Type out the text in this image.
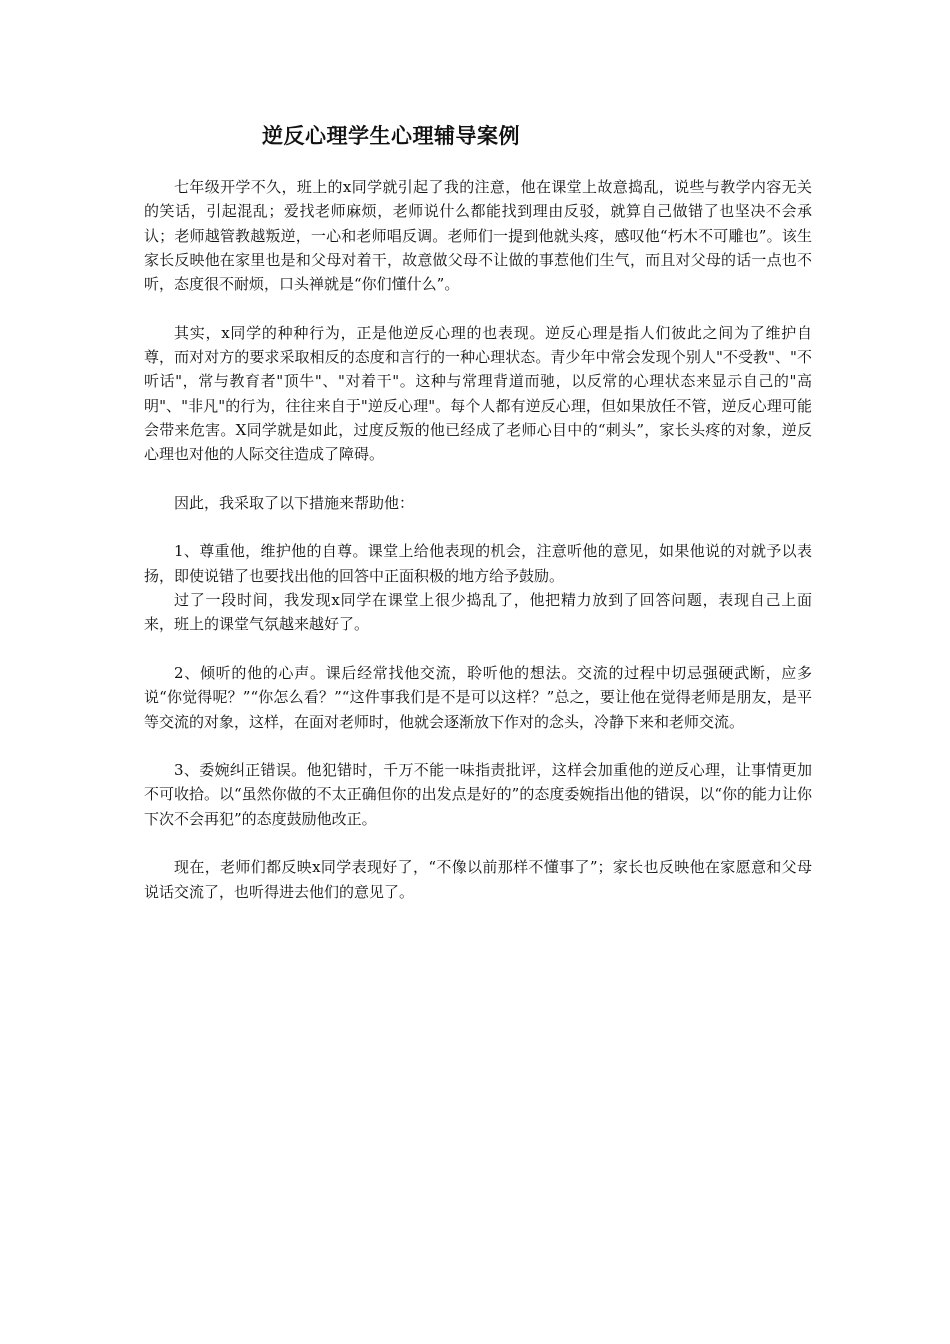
逆反心理学生心理辅导案例

七年级开学不久，班上的x同学就引起了我的注意，他在课堂上故意捣乱，说些与教学内容无关的笑话，引起混乱；爱找老师麻烦，老师说什么都能找到理由反驳，就算自己做错了也坚决不会承认；老师越管教越叛逆，一心和老师唱反调。老师们一提到他就头疼，感叹他“朽木不可雕也”。该生家长反映他在家里也是和父母对着干，故意做父母不让做的事惹他们生气，而且对父母的话一点也不听，态度很不耐烦，口头禅就是“你们懂什么”。

其实，x同学的种种行为，正是他逆反心理的也表现。逆反心理是指人们彼此之间为了维护自尊，而对对方的要求采取相反的态度和言行的一种心理状态。青少年中常会发现个别人"不受教"、"不听话"，常与教育者"顶牛"、"对着干"。这种与常理背道而驰，以反常的心理状态来显示自己的"高明"、"非凡"的行为，往往来自于"逆反心理"。每个人都有逆反心理，但如果放任不管，逆反心理可能会带来危害。X同学就是如此，过度反叛的他已经成了老师心目中的“刺头”，家长头疼的对象，逆反心理也对他的人际交往造成了障碍。

因此，我采取了以下措施来帮助他：

1、尊重他，维护他的自尊。课堂上给他表现的机会，注意听他的意见，如果他说的对就予以表扬，即使说错了也要找出他的回答中正面积极的地方给予鼓励。

过了一段时间，我发现x同学在课堂上很少捣乱了，他把精力放到了回答问题，表现自己上面来，班上的课堂气氛越来越好了。

2、倾听的他的心声。课后经常找他交流，聆听他的想法。交流的过程中切忌强硬武断，应多说“你觉得呢？”“你怎么看？”“这件事我们是不是可以这样？”总之，要让他在觉得老师是朋友，是平等交流的对象，这样，在面对老师时，他就会逐渐放下作对的念头，冷静下来和老师交流。

3、委婉纠正错误。他犯错时，千万不能一味指责批评，这样会加重他的逆反心理，让事情更加不可收拾。以“虽然你做的不太正确但你的出发点是好的”的态度委婉指出他的错误，以“你的能力让你下次不会再犯”的态度鼓励他改正。

现在，老师们都反映x同学表现好了，“不像以前那样不懂事了”；家长也反映他在家愿意和父母说话交流了，也听得进去他们的意见了。
